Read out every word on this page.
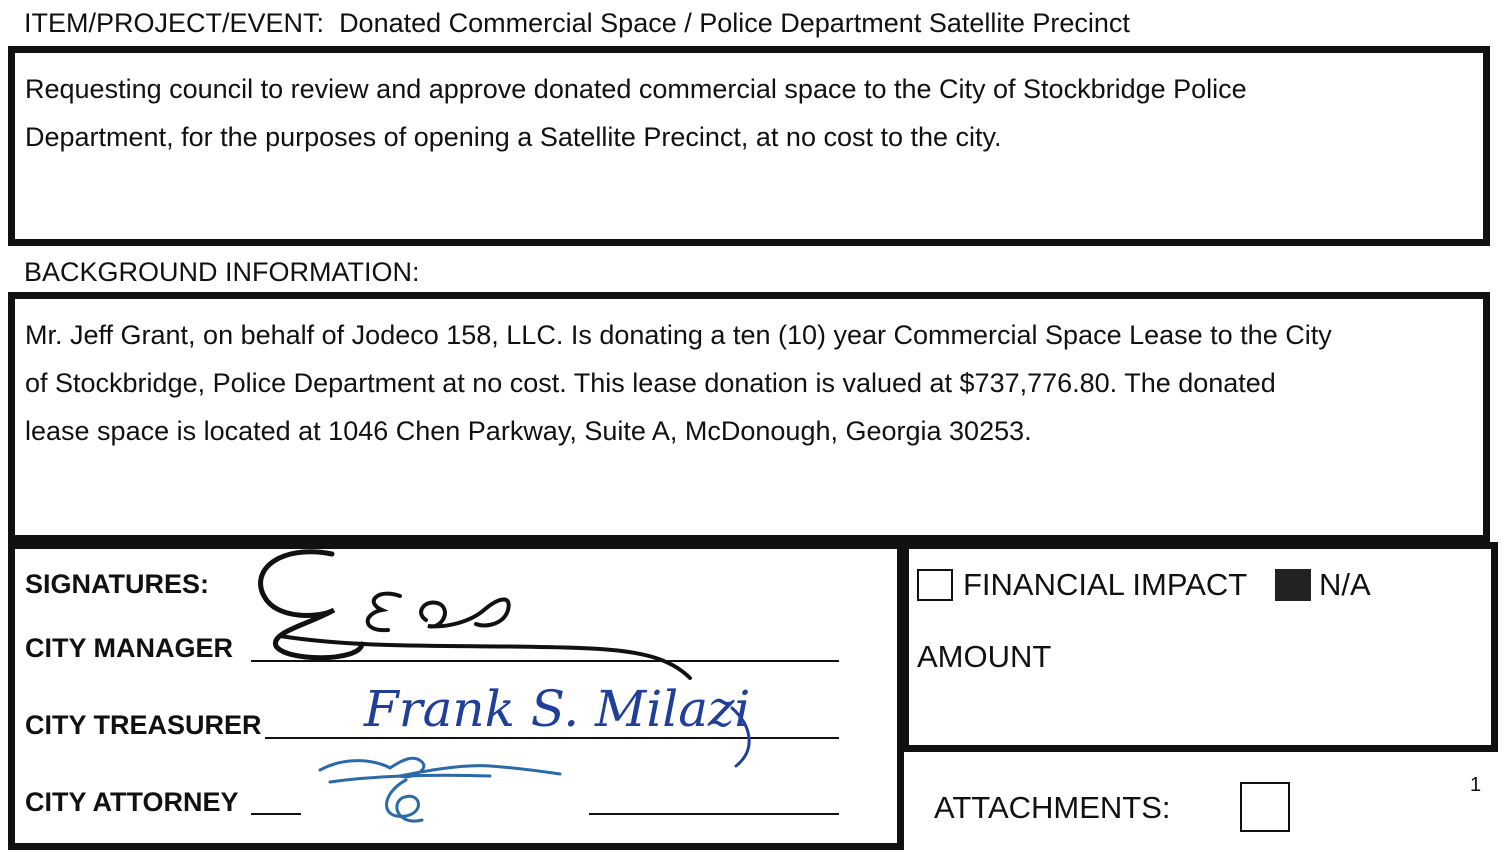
ITEM/PROJECT/EVENT: Donated Commercial Space / Police Department Satellite Precinct
Requesting council to review and approve donated commercial space to the City of Stockbridge Police
Department, for the purposes of opening a Satellite Precinct, at no cost to the city.
BACKGROUND INFORMATION:
Mr. Jeff Grant, on behalf of Jodeco 158, LLC. Is donating a ten (10) year Commercial Space Lease to the City
of Stockbridge, Police Department at no cost. This lease donation is valued at $737,776.80. The donated
lease space is located at 1046 Chen Parkway, Suite A, McDonough, Georgia 30253.
SIGNATURES:
CITY MANAGER
CITY TREASURER
CITY ATTORNEY
Frank S. Milazi
FINANCIAL IMPACT N/A
AMOUNT
ATTACHMENTS:
1
